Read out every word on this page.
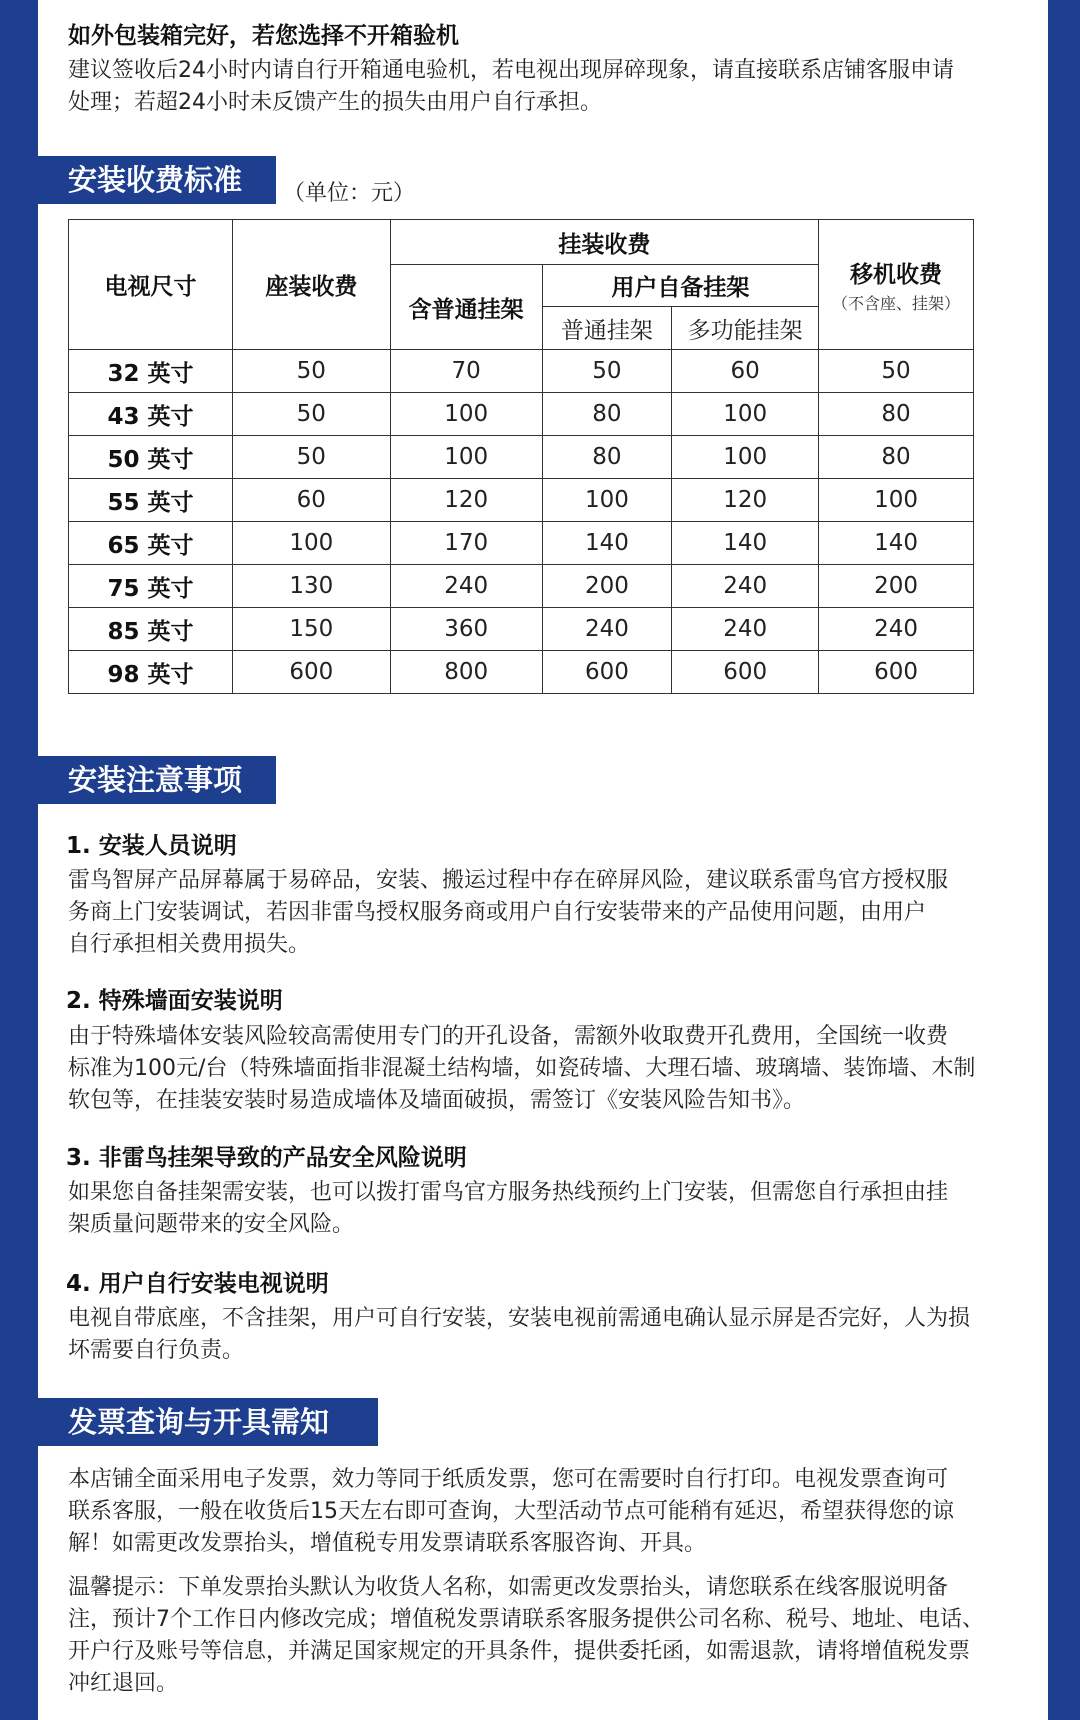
如外包装箱完好，若您选择不开箱验机
建议签收后24小时内请自行开箱通电验机，若电视出现屏碎现象，请直接联系店铺客服申请
处理；若超24小时未反馈产生的损失由用户自行承担。
安装收费标准	（单位：元）
电视尺寸	座装收费	挂装收费			移机收费
（不含座、挂架）

		含普通挂架	用户自备挂架		
			普通挂架	多功能挂架	
32 英寸	50	70	50	60	50
43 英寸	50	100	80	100	80
50 英寸	50	100	80	100	80
55 英寸	60	120	100	120	100
65 英寸	100	170	140	140	140
75 英寸	130	240	200	240	200
85 英寸	150	360	240	240	240
98 英寸	600	800	600	600	600
安装注意事项
1. 安装人员说明
雷鸟智屏产品屏幕属于易碎品，安装、搬运过程中存在碎屏风险，建议联系雷鸟官方授权服
务商上门安装调试，若因非雷鸟授权服务商或用户自行安装带来的产品使用问题，由用户
自行承担相关费用损失。
2. 特殊墙面安装说明
由于特殊墙体安装风险较高需使用专门的开孔设备，需额外收取费开孔费用，全国统一收费
标准为100元/台（特殊墙面指非混凝土结构墙，如瓷砖墙、大理石墙、玻璃墙、装饰墙、木制
软包等，在挂装安装时易造成墙体及墙面破损，需签订《安装风险告知书》。
3. 非雷鸟挂架导致的产品安全风险说明
如果您自备挂架需安装，也可以拨打雷鸟官方服务热线预约上门安装，但需您自行承担由挂
架质量问题带来的安全风险。
4. 用户自行安装电视说明
电视自带底座，不含挂架，用户可自行安装，安装电视前需通电确认显示屏是否完好，人为损
坏需要自行负责。
发票查询与开具需知
本店铺全面采用电子发票，效力等同于纸质发票，您可在需要时自行打印。电视发票查询可
联系客服，一般在收货后15天左右即可查询，大型活动节点可能稍有延迟，希望获得您的谅
解！如需更改发票抬头，增值税专用发票请联系客服咨询、开具。
温馨提示：下单发票抬头默认为收货人名称，如需更改发票抬头，请您联系在线客服说明备
注，预计7个工作日内修改完成；增值税发票请联系客服务提供公司名称、税号、地址、电话、
开户行及账号等信息，并满足国家规定的开具条件，提供委托函，如需退款，请将增值税发票
冲红退回。
